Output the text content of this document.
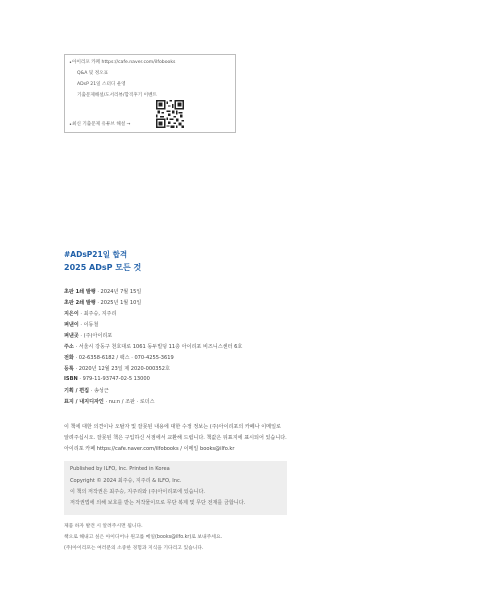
• 아이리포 카페 https://cafe.naver.com/ilfobooks
Q&A 및 정오표
ADsP 21일 스터디 운영
기출문제해설/도서리뷰/합격후기 이벤트
• 최신 기출문제 유튜브 해설 →
#ADsP21일 합격
2025 ADsP 모든 것
초판 1쇄 발행 · 2024년 7월 15일
초판 2쇄 발행 · 2025년 1월 10일
지은이 · 최주승, 지주리
펴낸이 · 이동철
펴낸곳 · (주)아이리포
주소 · 서울시 강동구 천호대로 1061 동두빌딩 11층 아이리포 비즈니스센터 6호
전화 · 02-6358-6182 / 팩스 · 070-4255-3619
등록 · 2020년 12월 23일 제 2020-000352호
ISBN · 979-11-93747-02-5 13000
기획 / 편집 · 송성근
표지 / 내지디자인 · nu:n / 조판 · 로더스
이 책에 대한 의견이나 오탈자 및 잘못된 내용에 대한 수정 정보는 (주)아이리포의 카페나 이메일로
알려주십시오. 잘못된 책은 구입하신 서점에서 교환해 드립니다. 책값은 뒤표지에 표시되어 있습니다.
아이리포 카페 https://cafe.naver.com/ilfobooks / 이메일 books@ilfo.kr
Published by ILFO, Inc. Printed in Korea
Copyright © 2024 최주승, 지주리 & ILFO, Inc.
이 책의 저작권은 최주승, 지주리와 (주)아이리포에 있습니다.
저작권법에 의해 보호를 받는 저작물이므로 무단 복제 및 무단 전재를 금합니다.
제품 하자 발견 시 알려주시면 됩니다.
책으로 해내고 싶은 아이디어나 원고를 메일(books@ilfo.kr)로 보내주세요.
(주)아이리포는 여러분의 소중한 경험과 지식을 기다리고 있습니다.
